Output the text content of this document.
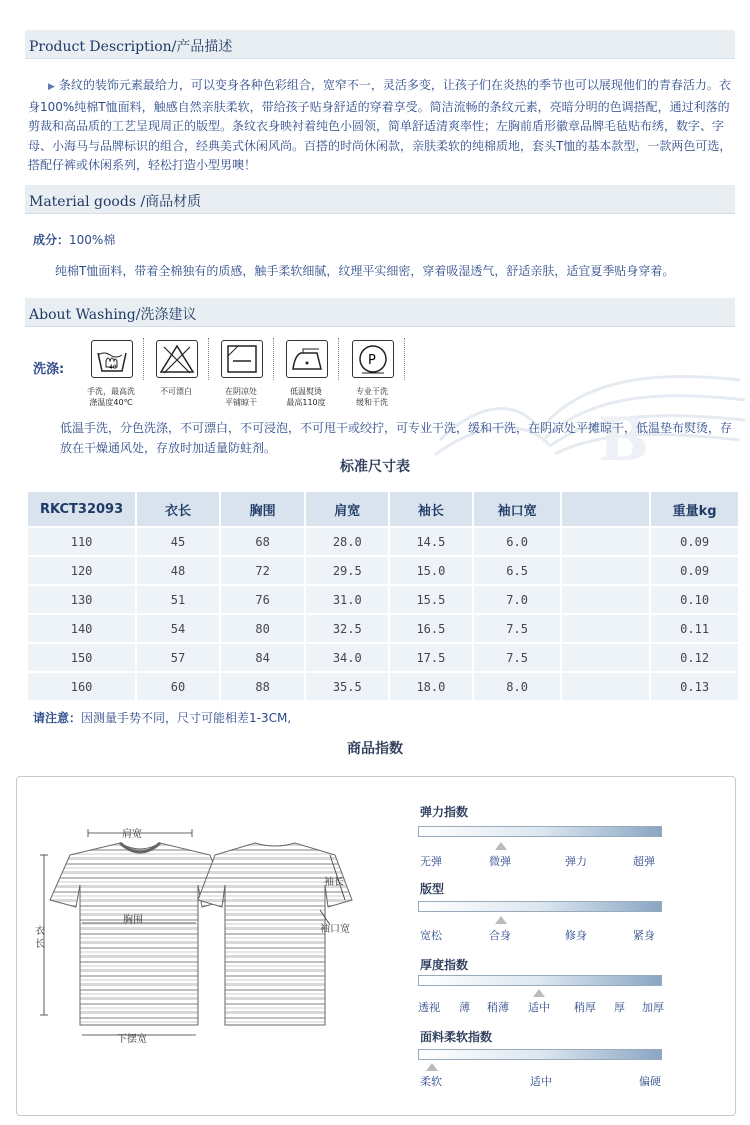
Product Description/产品描述
▶ 条纹的装饰元素最给力，可以变身各种色彩组合，宽窄不一，灵活多变，让孩子们在炎热的季节也可以展现他们的青春活力。衣身100%纯棉T恤面料，触感自然亲肤柔软，带给孩子贴身舒适的穿着享受。简洁流畅的条纹元素，亮暗分明的色调搭配，通过利落的剪裁和高品质的工艺呈现周正的版型。条纹衣身映衬着纯色小圆领，简单舒适清爽率性；左胸前盾形徽章品牌毛毡贴布绣，数字、字母、小海马与品牌标识的组合，经典美式休闲风尚。百搭的时尚休闲款，亲肤柔软的纯棉质地，套头T恤的基本款型，一款两色可选，搭配仔裤或休闲系列，轻松打造小型男噢！
Material goods /商品材质
成分：100%棉
纯棉T恤面料，带着全棉独有的质感，触手柔软细腻，纹理平实细密，穿着吸湿透气，舒适亲肤，适宜夏季贴身穿着。
About Washing/洗涤建议
B
洗涤:	40	P
手洗，最高洗
涤温度40℃
不可漂白	在阴凉处
平铺晾干
低温熨烫
最高110度
专业干洗
缓和干洗
低温手洗，分色洗涤，不可漂白，不可浸泡，不可甩干或绞拧，可专业干洗，缓和干洗，在阴凉处平摊晾干，低温垫布熨烫，存放在干燥通风处，存放时加适量防蛀剂。
标准尺寸表
RKCT32093	衣长	胸围	肩宽	袖长	袖口宽		重量kg
110	45	68	28.0	14.5	6.0		0.09
120	48	72	29.5	15.0	6.5		0.09
130	51	76	31.0	15.5	7.0		0.10
140	54	80	32.5	16.5	7.5		0.11
150	57	84	34.0	17.5	7.5		0.12
160	60	88	35.5	18.0	8.0		0.13
请注意：因测量手势不同，尺寸可能相差1-3CM,
商品指数
肩宽
胸围
衣长
下摆宽
袖长
袖口宽
弹力指数
无弹	微弹	弹力	超弹
版型
宽松	合身	修身	紧身
厚度指数
透视 薄 稍薄 适中 稍厚 厚 加厚
面料柔软指数
柔软	适中	偏硬
